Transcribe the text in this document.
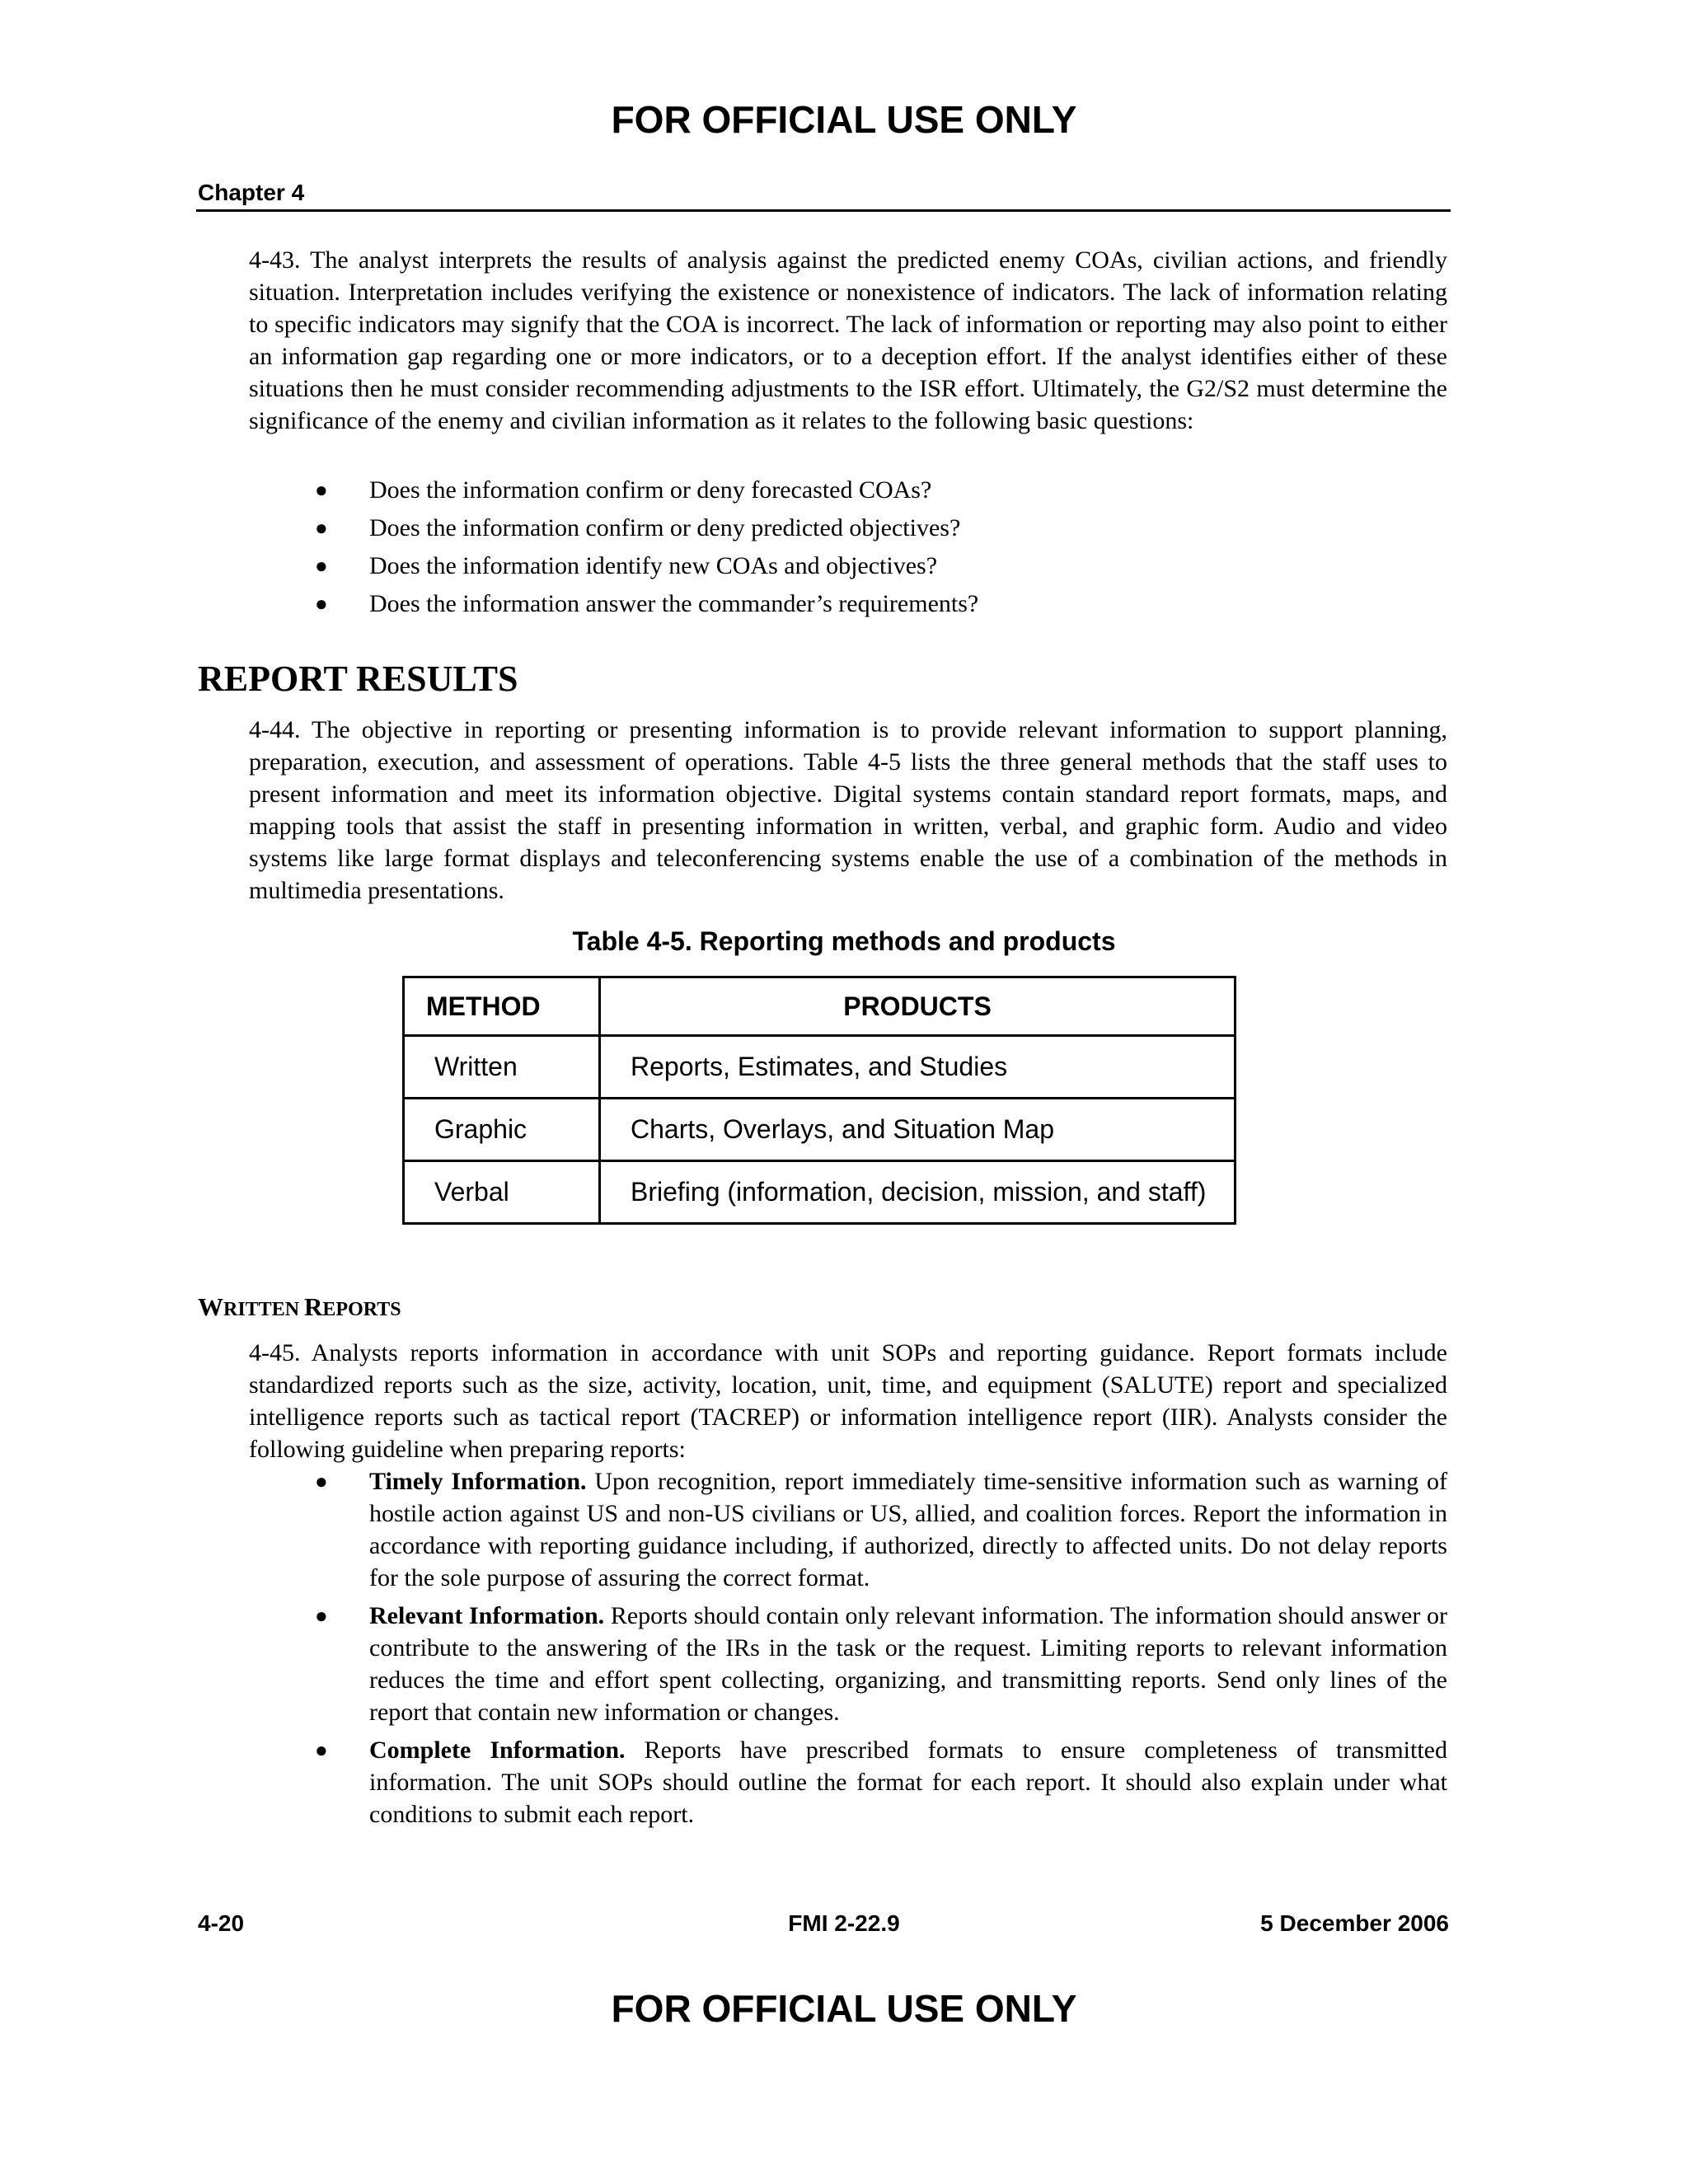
FOR OFFICIAL USE ONLY
Chapter 4

4-43. The analyst interprets the results of analysis against the predicted enemy COAs, civilian actions, and friendly situation. Interpretation includes verifying the existence or nonexistence of indicators. The lack of information relating to specific indicators may signify that the COA is incorrect. The lack of information or reporting may also point to either an information gap regarding one or more indicators, or to a deception effort. If the analyst identifies either of these situations then he must consider recommending adjustments to the ISR effort. Ultimately, the G2/S2 must determine the significance of the enemy and civilian information as it relates to the following basic questions:

● Does the information confirm or deny forecasted COAs?
● Does the information confirm or deny predicted objectives?
● Does the information identify new COAs and objectives?
● Does the information answer the commander’s requirements?
REPORT RESULTS

4-44. The objective in reporting or presenting information is to provide relevant information to support planning, preparation, execution, and assessment of operations. Table 4-5 lists the three general methods that the staff uses to present information and meet its information objective. Digital systems contain standard report formats, maps, and mapping tools that assist the staff in presenting information in written, verbal, and graphic form. Audio and video systems like large format displays and teleconferencing systems enable the use of a combination of the methods in multimedia presentations.

Table 4-5. Reporting methods and products
METHOD	PRODUCTS
Written	Reports, Estimates, and Studies
Graphic	Charts, Overlays, and Situation Map
Verbal	Briefing (information, decision, mission, and staff)
WRITTEN REPORTS

4-45. Analysts reports information in accordance with unit SOPs and reporting guidance. Report formats include standardized reports such as the size, activity, location, unit, time, and equipment (SALUTE) report and specialized intelligence reports such as tactical report (TACREP) or information intelligence report (IIR). Analysts consider the following guideline when preparing reports:

● Timely Information. Upon recognition, report immediately time-sensitive information such as warning of hostile action against US and non-US civilians or US, allied, and coalition forces. Report the information in accordance with reporting guidance including, if authorized, directly to affected units. Do not delay reports for the sole purpose of assuring the correct format.
● Relevant Information. Reports should contain only relevant information. The information should answer or contribute to the answering of the IRs in the task or the request. Limiting reports to relevant information reduces the time and effort spent collecting, organizing, and transmitting reports. Send only lines of the report that contain new information or changes.
● Complete Information. Reports have prescribed formats to ensure completeness of transmitted information. The unit SOPs should outline the format for each report. It should also explain under what conditions to submit each report.
4-20	FMI 2-22.9	5 December 2006
FOR OFFICIAL USE ONLY
